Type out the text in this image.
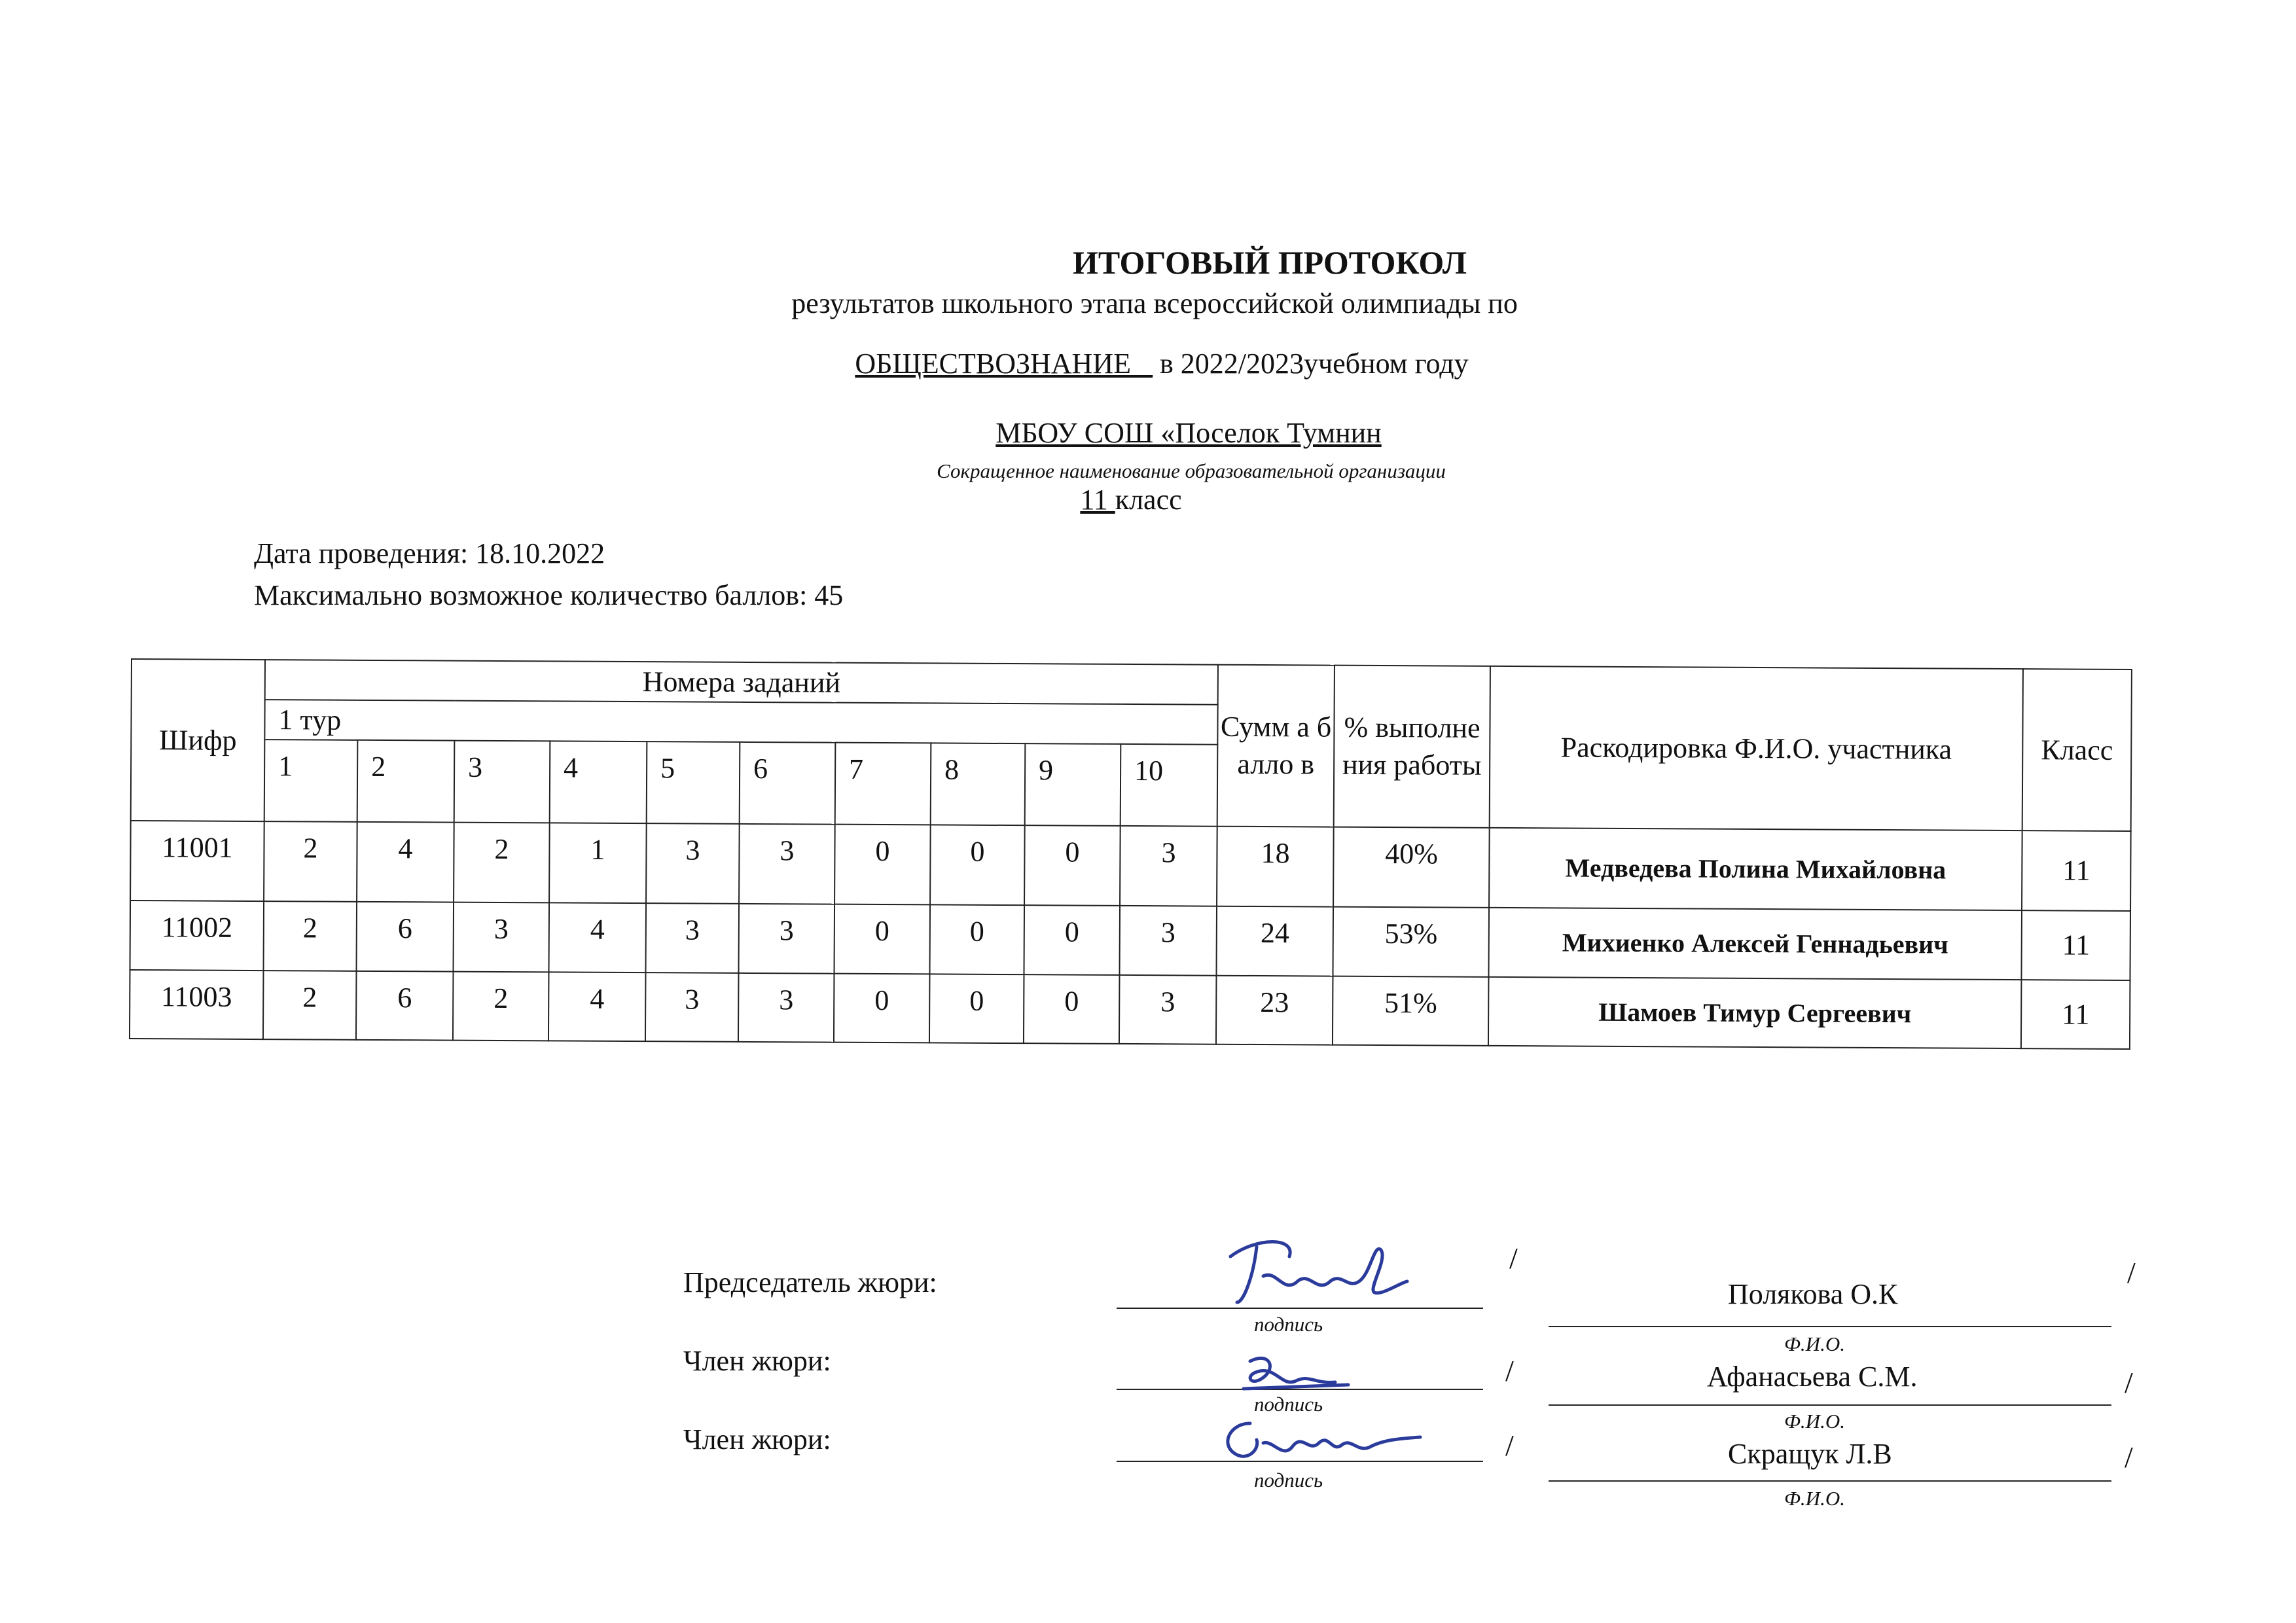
ИТОГОВЫЙ ПРОТОКОЛ
результатов школьного этапа всероссийской олимпиады по
ОБЩЕСТВОЗНАНИЕ _ в 2022/2023учебном году
МБОУ СОШ «Поселок Тумнин
Сокращенное наименование образовательной организации
11 класс
Дата проведения: 18.10.2022
Максимально возможное количество баллов: 45
Шифр	Номера заданий										Сумм а балло в	% выполне ния работы	Раскодировка Ф.И.О. участника	Класс
	1 тур													
	1	2	3	4	5	6	7	8	9	10				
11001	2	4	2	1	3	3	0	0	0	3	18	40%	Медведева Полина Михайловна	11
11002	2	6	3	4	3	3	0	0	0	3	24	53%	Михиенко Алексей Геннадьевич	11
11003	2	6	2	4	3	3	0	0	0	3	23	51%	Шамоев Тимур Сергеевич	11
Председатель жюри:
Член жюри:
Член жюри:
подпись
/
Полякова О.К
Ф.И.О.
/
подпись
/	Афанасьева С.М.
Ф.И.О.
/
подпись
/	Скращук Л.В
Ф.И.О.
/
